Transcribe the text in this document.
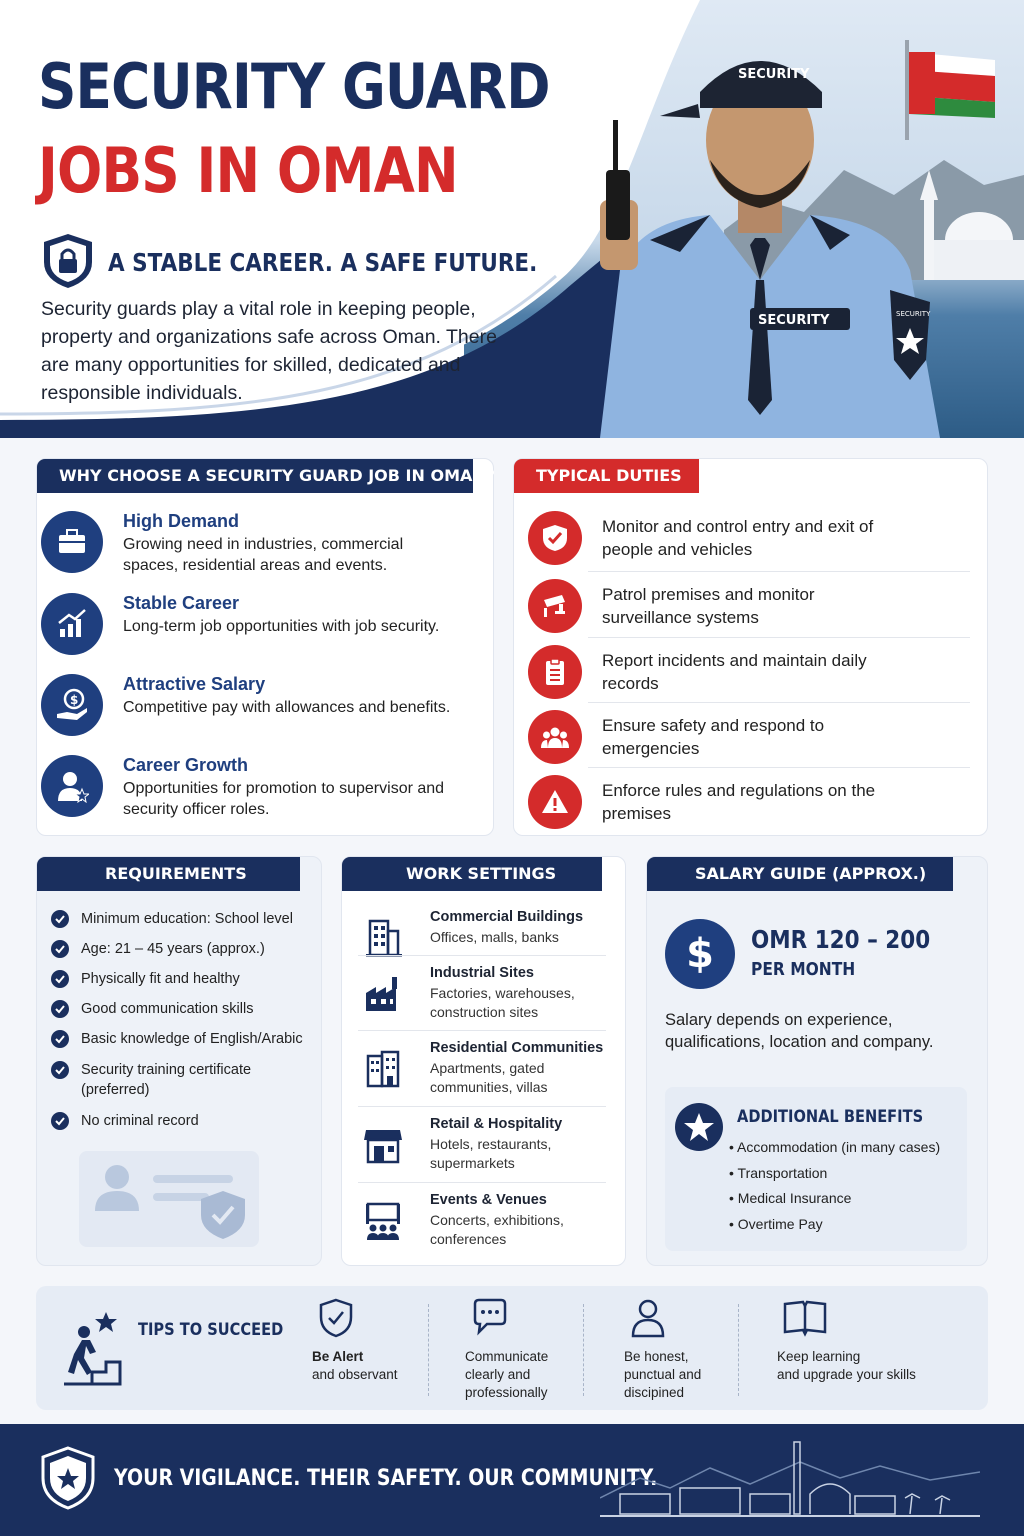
SECURITY
SECURITY	SECURITY
SECURITY GUARD
JOBS IN OMAN
A STABLE CAREER. A SAFE FUTURE.

Security guards play a vital role in keeping people, property and organizations safe across Oman. There are many opportunities for skilled, dedicated and responsible individuals.

WHY CHOOSE A SECURITY GUARD JOB IN OMAN?
High Demand
Growing need in industries, commercial spaces, residential areas and events.
Stable Career
Long-term job opportunities with job security.
$
Attractive Salary
Competitive pay with allowances and benefits.
Career Growth
Opportunities for promotion to supervisor and security officer roles.
TYPICAL DUTIES
Monitor and control entry and exit of people and vehicles
Patrol premises and monitor surveillance systems
Report incidents and maintain daily records
Ensure safety and respond to emergencies
Enforce rules and regulations on the premises
REQUIREMENTS
Minimum education: School level
Age: 21 – 45 years (approx.)
Physically fit and healthy
Good communication skills
Basic knowledge of English/Arabic
Security training certificate (preferred)
No criminal record
WORK SETTINGS
Commercial Buildings
Offices, malls, banks
Industrial Sites
Factories, warehouses, construction sites
Residential Communities
Apartments, gated communities, villas
Retail & Hospitality
Hotels, restaurants, supermarkets
Events & Venues
Concerts, exhibitions, conferences
SALARY GUIDE (APPROX.)
$	OMR 120 – 200
PER MONTH
Salary depends on experience, qualifications, location and company.
ADDITIONAL BENEFITS
• Accommodation (in many cases)
• Transportation
• Medical Insurance
• Overtime Pay
TIPS TO SUCCEED
Be Alert
and observant
Communicate
clearly and professionally
Be honest,
punctual and discipined
Keep learning
and upgrade your skills
YOUR VIGILANCE. THEIR SAFETY. OUR COMMUNITY.
